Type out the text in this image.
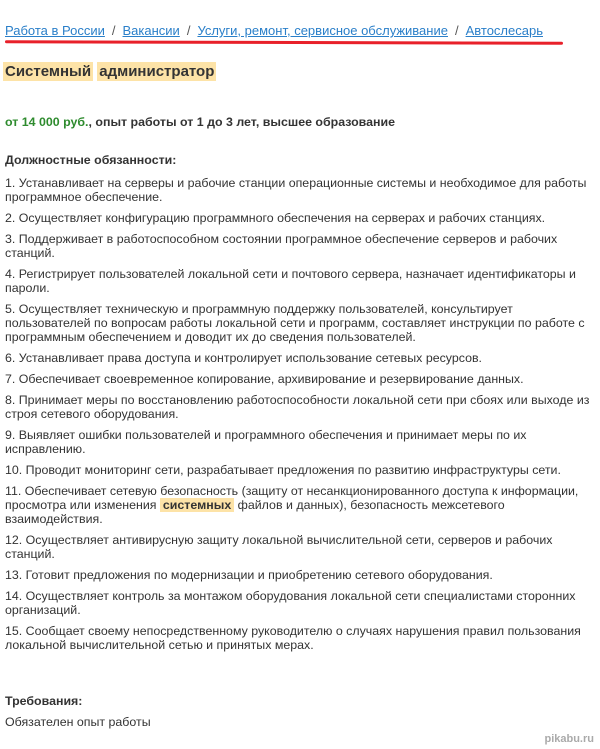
Работа в России / Вакансии / Услуги, ремонт, сервисное обслуживание / Автослесарь
Системный администратор
от 14 000 руб., опыт работы от 1 до 3 лет, высшее образование
Должностные обязанности:

1. Устанавливает на серверы и рабочие станции операционные системы и необходимое для работы программное обеспечение.

2. Осуществляет конфигурацию программного обеспечения на серверах и рабочих станциях.

3. Поддерживает в работоспособном состоянии программное обеспечение серверов и рабочих станций.

4. Регистрирует пользователей локальной сети и почтового сервера, назначает идентификаторы и пароли.

5. Осуществляет техническую и программную поддержку пользователей, консультирует пользователей по вопросам работы локальной сети и программ, составляет инструкции по работе с программным обеспечением и доводит их до сведения пользователей.

6. Устанавливает права доступа и контролирует использование сетевых ресурсов.

7. Обеспечивает своевременное копирование, архивирование и резервирование данных.

8. Принимает меры по восстановлению работоспособности локальной сети при сбоях или выходе из строя сетевого оборудования.

9. Выявляет ошибки пользователей и программного обеспечения и принимает меры по их исправлению.

10. Проводит мониторинг сети, разрабатывает предложения по развитию инфраструктуры сети.

11. Обеспечивает сетевую безопасность (защиту от несанкционированного доступа к информации, просмотра или изменения системных файлов и данных), безопасность межсетевого взаимодействия.

12. Осуществляет антивирусную защиту локальной вычислительной сети, серверов и рабочих станций.

13. Готовит предложения по модернизации и приобретению сетевого оборудования.

14. Осуществляет контроль за монтажом оборудования локальной сети специалистами сторонних организаций.

15. Сообщает своему непосредственному руководителю о случаях нарушения правил пользования локальной вычислительной сетью и принятых мерах.

Требования:
Обязателен опыт работы
pikabu.ru
